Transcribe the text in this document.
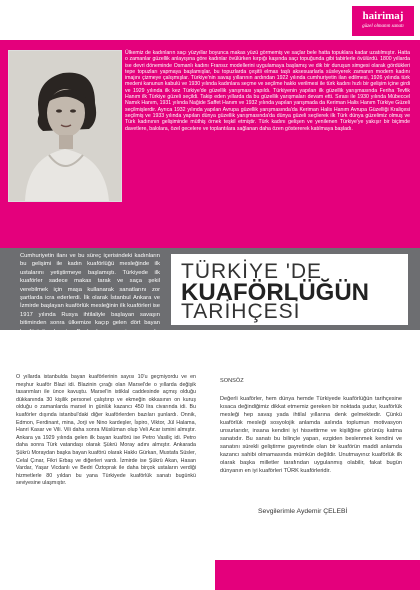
hairimaj
güzel olmanın sanatı

Ülkemiz de kadınların saçı yüzyıllar boyunca makas yüzü görmemiş ve saçlar bele hatta topuklara kadar uzatılmıştır. Hatta o zamanlar güzellik anlayışına göre kadınlar övülürken kırpığı kaşında saçı topuğunda gibi tabirlerle övülürdü. 1800 yıllarda ise devri döneminde Osmanlı kadını Fransız modellerini uygulamaya başlamış ve dik bir duruşun simgesi olarak gördükleri tepe topuzları yapmaya başlamışlar, bu topuzlarda çeşitli elmas taşlı aksesuarlarla süsleyerek zamanın modern kadını imajını çizmeye çalışmışlar. Türkiye'nin savaş yıllarının ardından 1922 yılında cumhuriyetin ilan edilmesi, 1926 yılında türk medeni kanunun kabulü ve 1930 yılında kadınlara seçme ve seçilme hakkı verilmesi ile türk kadını hızlı bir gelişim içine girdi ve 1929 yılında ilk kez Türkiye'de güzellik yarışması yapıldı. Türkiyenin yapılan ilk güzellik yarışmasında Feriha Tevfik Hanım ilk Türkiye güzeli seçildi. Takip eden yıllarda da bu güzellik yarışmaları devam etti. Sırası ile 1930 yılında Mübeccel Namık Hanım, 1931 yılında Nağide Saffet Hanım ve 1932 yılında yapılan yarışmada da Keriman Halis Hanım Türkiye Güzeli seçilmişlerdir. Ayrıca 1932 yılında yapılan Avrupa güzellik yarışmasında'da Keriman Halis Hanım Avrupa Güzelliği Kraliçesi seçilmiş ve 1933 yılında yapılan dünya güzellik yarışmasında'da dünya güzeli seçilerek ilk Türk dünya güzelimiz olmuş ve Türk kadınının gelişiminde müthiş örnek teşkil etmiştir. Türk kadını gelişen ve yenilenen Türkiye'ye yakışır bir biçimde davetlere, balolara, özel gecelere ve toplantılara sağlanan daha özen göstererek katılmaya başladı.

Cumhuriyetin ilanı ve bu süreç içerisindeki kadınların bu gelişimi ile kadın kuaförlüğü mesleğinde ilk ustalarını yetiştirmeye başlamıştı. Türkiyede ilk kuaförler sadece makas tarak ve saça şekil verebilmek için maşa kullanarak sanatlarını zor şartlarda icra ederlerdi. İlk olarak İstanbul Ankara ve İzmirde başlayan kuaförlük mesleğinin ilk kuaförleri ise 1917 yılında Rusya ihtilaliyle başlayan savaşın bitiminden sonra ülkemize kaçıp gelen dört bayan kuaförü ile olmuştur. Bunlar beyaz rus jorc ve maks kardeşler, alman sozar ve fransız blazi idi.

TÜRKİYE 'DE

KUAFÖRLÜĞÜN

TARİHÇESİ

O yıllarda istanbulda bayan kuaförlerinin sayısı 10'u geçmiyordu ve en meşhur kuaför Blazi idi. Blazinin çırağı olan Marsel'de o yıllarda değişik tasarımları ile ünce kavuştu. Marsel'in istiklal caddesinde açmış olduğu dükkanında 30 kişilik personel çalıştırıp ve ekmeğin okkasının on kuruş olduğu o zamanlarda marsel in günlük kazancı 450 lira civarında idi. Bu kuaförler dışında istanbul'daki diğer kuaförlerden bazıları şunlardı. Onnik, Edmon, Ferdinant, mina, Jorji ve Nino kardeşler, İspiro, Viktor, Jül Halama, Hanri Kasar ve Vili. Vili daha sonra Müslüman olup Veli Acar ismini almıştır. Ankara ya 1929 yılında gelen ilk bayan kuaförü ise Petro Vasiliç idi. Petro daha sonra Türk vatandaşı olarak Şükrü Moray adını almıştır. Ankarada Şükrü Moraydan başka bayan kuaförü olarak Hakkı Gürkan, Mustafa Süsler, Celal Çınar, Fikri Erbaş ve diğerleri vardı. İzmirde ise Şükrü Akan, Hasan Vardar, Yaşar Vicdanlı ve Bedri Öztoprak ile daha birçok ustaların verdiği hizmetlerle 80 yıldan bu yana Türkiyede kuaförlük sanatı bugünkü seviyesine ulaşmıştır.

SONSÖZ

Değerli kuaförler, hem dünya hemde Türkiyede kuaförlüğün tarihçesine kısaca değindiğimiz dikkat etmemiz gereken bir noktada şudur, kuaförlük mesleği hep savaş yada ihtilal yıllarına denk gelmektedir. Çünkü kuaförlük mesleği sosyolojik anlamda aslında toplumun motivasyon unsurlarıdır, insana kendini iyi hissettirme ve kişiliğine görünüş katma sanatıdır. Bu sanatı bu bilinçle yapan, ezgiden beslenmek kendini ve sanatını sürekli geliştirme gayretinde olan bir kuaförün maddi anlamda kazancı sahibi olmamasında mümkün değildir. Unutmayınız kuaförlük ilk olarak başka milletler tarafından uygulanmış olabilir, fakat bugün dünyanın en iyi kuaförleri TÜRK kuaförleridir.

Sevgilerimle Aydemir ÇELEBİ
